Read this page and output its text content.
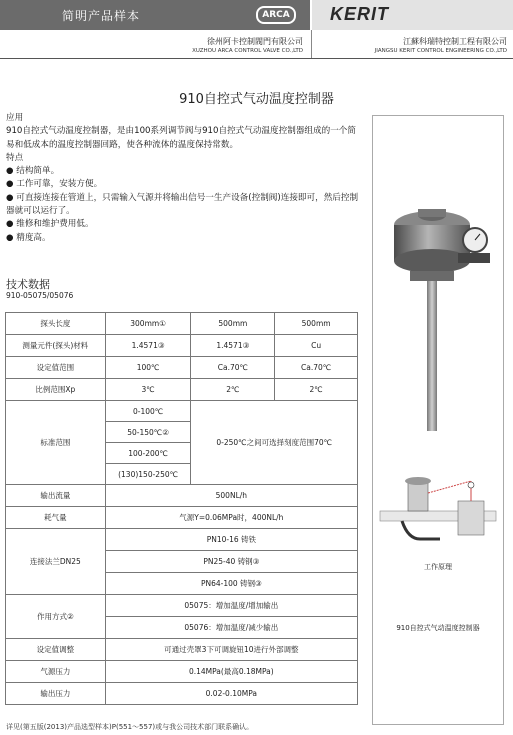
简明产品样本	ARCA	KERIT
徐州阿卡控制閥門有限公司
XUZHOU ARCA CONTROL VALVE CO.,LTD
江蘇科瑞特控制工程有限公司
JIANGSU KERIT CONTROL ENGINEERING CO.,LTD
910自控式气动温度控制器

应用

910自控式气动温度控制器，是由100系列调节阀与910自控式气动温度控制器组成的一个简易和低成本的温度控制器回路，使各种流体的温度保持常数。

特点

● 结构简单。

● 工作可靠，安装方便。

● 可直接连接在管道上，只需输入气源并将输出信号一生产设备(控制阀)连接即可，然后控制器就可以运行了。

● 维修和维护费用低。

● 精度高。

技术数据
910-05075/05076
探头长度	300mm①	500mm	500mm
测量元件(探头)材料	1.4571③	1.4571③	Cu
设定值范围	100℃	Ca.70℃	Ca.70℃
比例范围Xp	3℃	2℃	2℃
标准范围	0-100℃	0-250℃之间可选择刻度范围70℃	
	50-150℃②		
	100-200℃		
	(130)150-250℃		
输出流量	500NL/h		
耗气量	气源Y=0.06MPa时，400NL/h		
连接法兰DN25	PN10-16 铸铁		
	PN25-40 铸钢③		
	PN64-100 铸钢③		
作用方式②	05075：增加温度/增加输出		
	05076：增加温度/减少输出		
设定值调整	可通过壳罩3下可调旋钮10进行外部调整		
气源压力	0.14MPa(最高0.18MPa)		
输出压力	0.02-0.10MPa		
工作原理
910自控式气动温度控制器
详见(第五版(2013)产品选型样本)P(551～557)或与我公司技术部门联系确认。
